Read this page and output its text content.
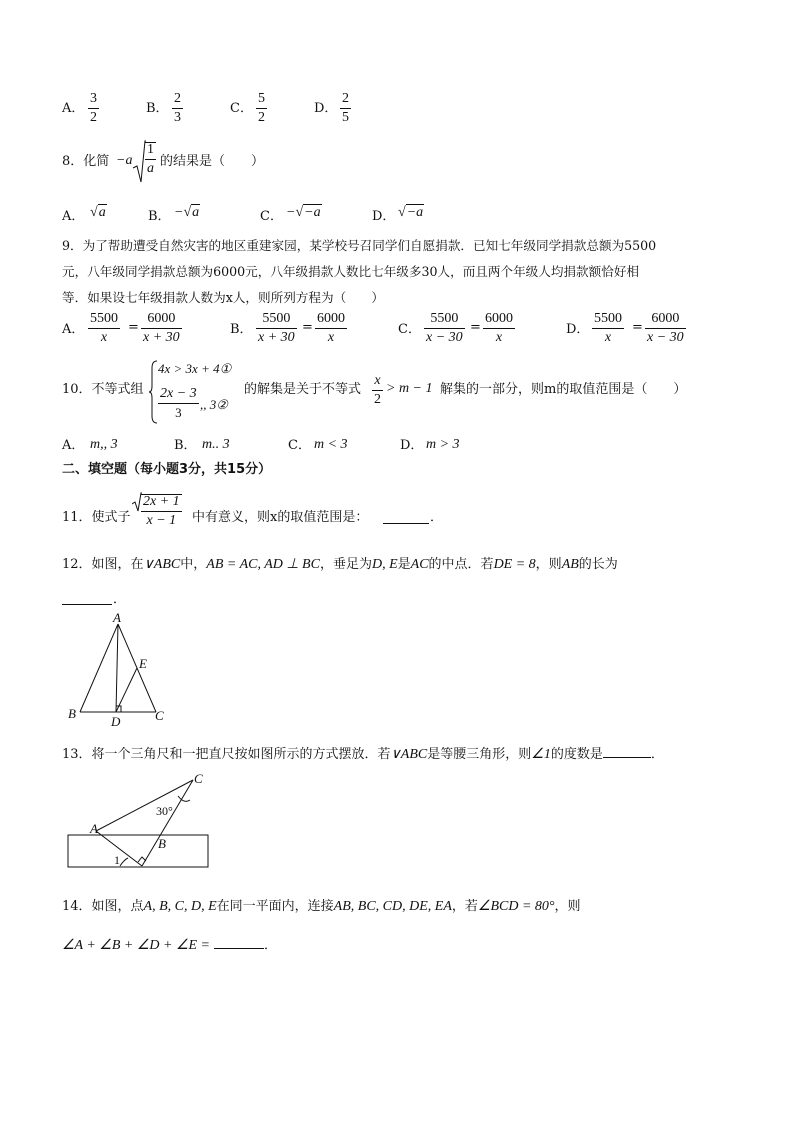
A．
3
2
B．
2
3
C．
5
2
D．
2
5
8．化简 −a
1
a 的结果是（　　）
A． √a	B． −√a	C． −√−a	D． √−a
9．为了帮助遭受自然灾害的地区重建家园，某学校号召同学们自愿捐款．已知七年级同学捐款总额为5500
元，八年级同学捐款总额为6000元，八年级捐款人数比七年级多30人，而且两个年级人均捐款额恰好相
等．如果设七年级捐款人数为x人，则所列方程为（　　）
A．
5500
x
=
6000
x + 30
B．
5500
x + 30
=
6000
x
C．
5500
x − 30
=
6000
x
D．
5500
x
=
6000
x − 30
10．不等式组
4x > 3x + 4①
2x − 3
3
,, 3②
的解集是关于不等式
x
2
> m − 1 解集的一部分，则m的取值范围是（　　）
A． m,, 3	B． m.. 3	C． m < 3	D． m > 3
二、填空题（每小题3分，共15分）
11．使式子
2x + 1
x − 1 中有意义，则x的取值范围是：	．
12．如图，在 ∨ABC 中， AB = AC, AD ⊥ BC ，垂足为 D, E 是 AC 的中点．若 DE = 8 ，则 AB 的长为
．
A
B	C
D
E
13．将一个三角尺和一把直尺按如图所示的方式摆放．若 ∨ABC 是等腰三角形，则 ∠1 的度数是	．
A
C
B
30°
1
14．如图，点 A, B, C, D, E 在同一平面内，连接 AB, BC, CD, DE, EA ，若 ∠BCD = 80° ，则
∠A + ∠B + ∠D + ∠E =	．
